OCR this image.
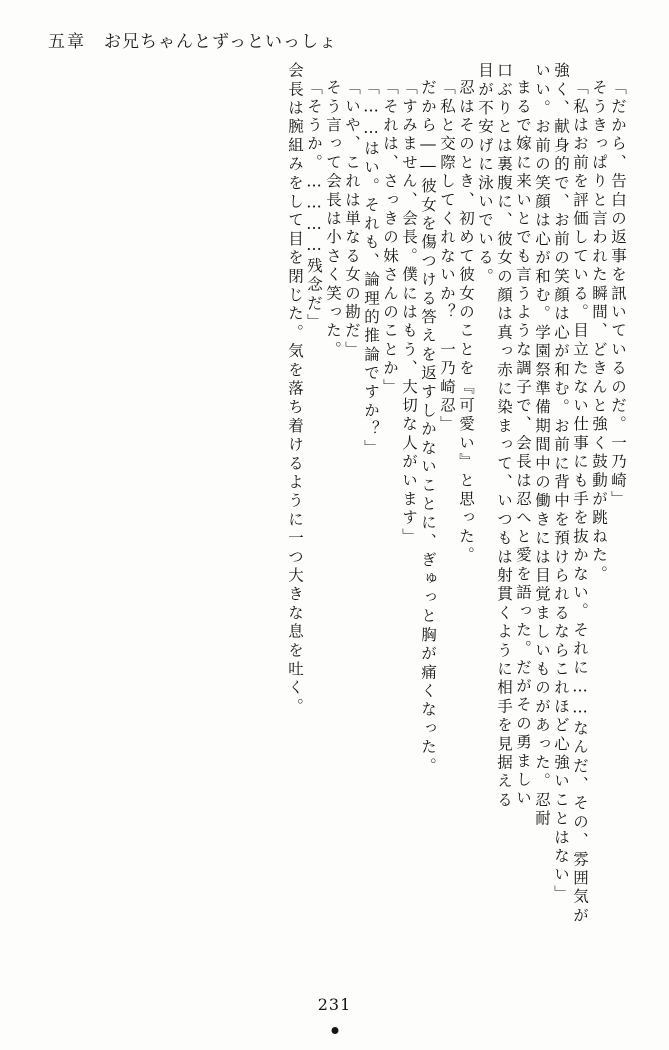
五章 お兄ちゃんとずっといっしょ
「だから、告白の返事を訊いているのだ。一乃崎」
そうきっぱりと言われた瞬間、どきんと強く鼓動が跳ねた。
「私はお前を評価している。目立たない仕事にも手を抜かない。それに……なんだ、その、雰囲気が
強く、献身的で、お前の笑顔は心が和む。お前に背中を預けられるならこれほど心強いことはない」
いい。お前の笑顔は心が和む。学園祭準備期間中の働きには目覚ましいものがあった。忍耐
まるで嫁に来いとでも言うような調子で、会長は忍へと愛を語った。だがその勇ましい
口ぶりとは裏腹に、彼女の顔は真っ赤に染まって、いつもは射貫くように相手を見据える
目が不安げに泳いでいる。
忍はそのとき、初めて彼女のことを『可愛い』と思った。
「私と交際してくれないか？　一乃崎忍」
だから――彼女を傷つける答えを返すしかないことに、ぎゅっと胸が痛くなった。
「すみません、会長。僕にはもう、大切な人がいます」
「それは、さっきの妹さんのことか」
「……はい。それも、論理的推論ですか？」
「いや、これは単なる女の勘だ」
そう言って会長は小さく笑った。
「そうか。…………残念だ」
会長は腕組みをして目を閉じた。気を落ち着けるように一つ大きな息を吐く。
231
